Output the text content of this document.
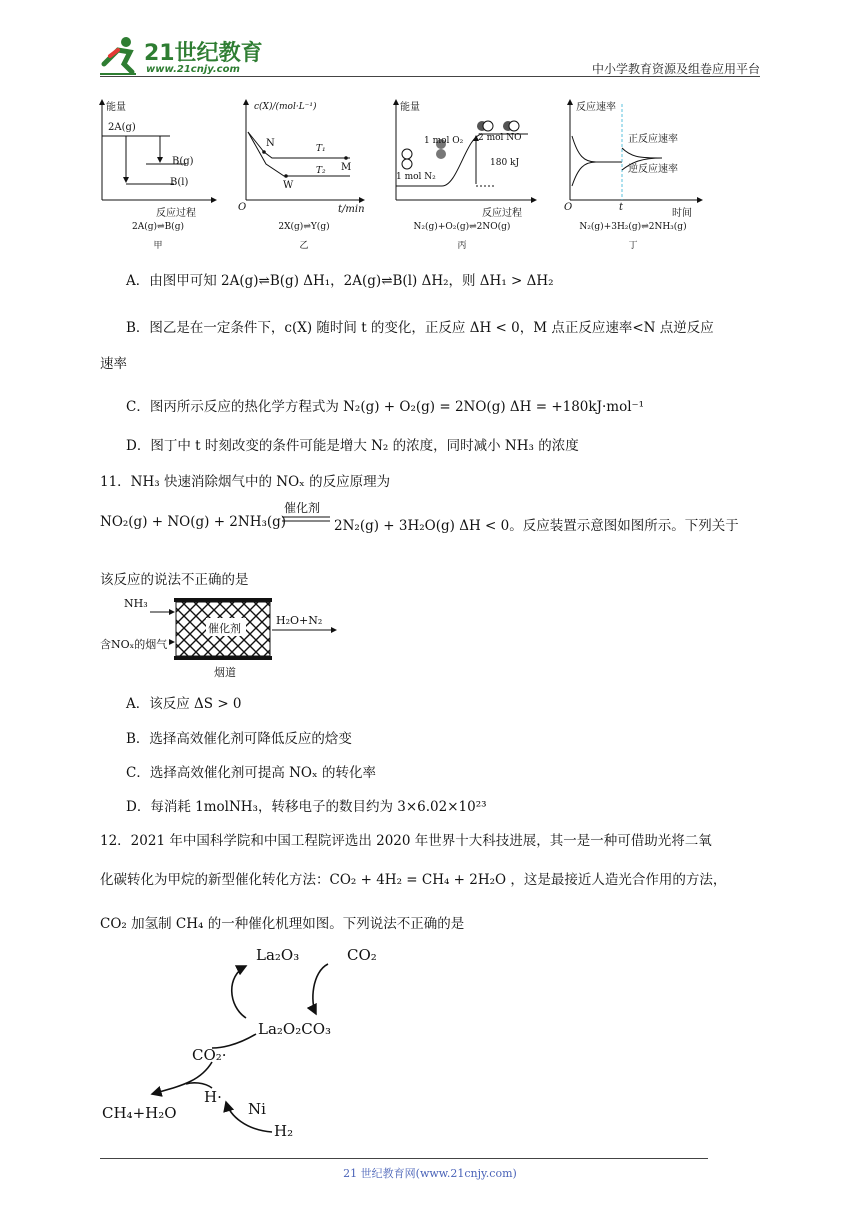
21世纪教育
www.21cnjy.com	中小学教育资源及组卷应用平台
能量
2A(g)
B(g)
B(l)
反应过程
2A(g)⇌B(g)
甲
c(X)/(mol·L⁻¹)
N
W
M
T₁
T₂
O	t/min
2X(g)⇌Y(g)
乙
能量
1 mol O₂ 2 mol NO
1 mol N₂
180 kJ
反应过程
N₂(g)+O₂(g)⇌2NO(g)
丙
反应速率
正反应速率
逆反应速率
O	t
时间
N₂(g)+3H₂(g)⇌2NH₃(g)
丁
A．由图甲可知 2A(g)⇌B(g) ΔH₁，2A(g)⇌B(l) ΔH₂，则 ΔH₁ > ΔH₂
B．图乙是在一定条件下，c(X) 随时间 t 的变化，正反应 ΔH < 0，M 点正反应速率<N 点逆反应
速率
C．图丙所示反应的热化学方程式为 N₂(g) + O₂(g) = 2NO(g) ΔH = +180kJ·mol⁻¹
D．图丁中 t 时刻改变的条件可能是增大 N₂ 的浓度，同时减小 NH₃ 的浓度
11．NH₃ 快速消除烟气中的 NOₓ 的反应原理为
NO₂(g) + NO(g) + 2NH₃(g)
催化剂
2N₂(g) + 3H₂O(g) ΔH < 0。反应装置示意图如图所示。下列关于
该反应的说法不正确的是
NH₃
含NOₓ的烟气
催化剂
H₂O+N₂
烟道
A．该反应 ΔS > 0
B．选择高效催化剂可降低反应的焓变
C．选择高效催化剂可提高 NOₓ 的转化率
D．每消耗 1molNH₃，转移电子的数目约为 3×6.02×10²³
12．2021 年中国科学院和中国工程院评选出 2020 年世界十大科技进展，其一是一种可借助光将二氧
化碳转化为甲烷的新型催化转化方法：CO₂ + 4H₂ = CH₄ + 2H₂O ，这是最接近人造光合作用的方法，
CO₂ 加氢制 CH₄ 的一种催化机理如图。下列说法不正确的是
La₂O₃	CO₂
La₂O₂CO₃
CO₂·
H·
Ni
H₂
CH₄+H₂O
21 世纪教育网(www.21cnjy.com)
